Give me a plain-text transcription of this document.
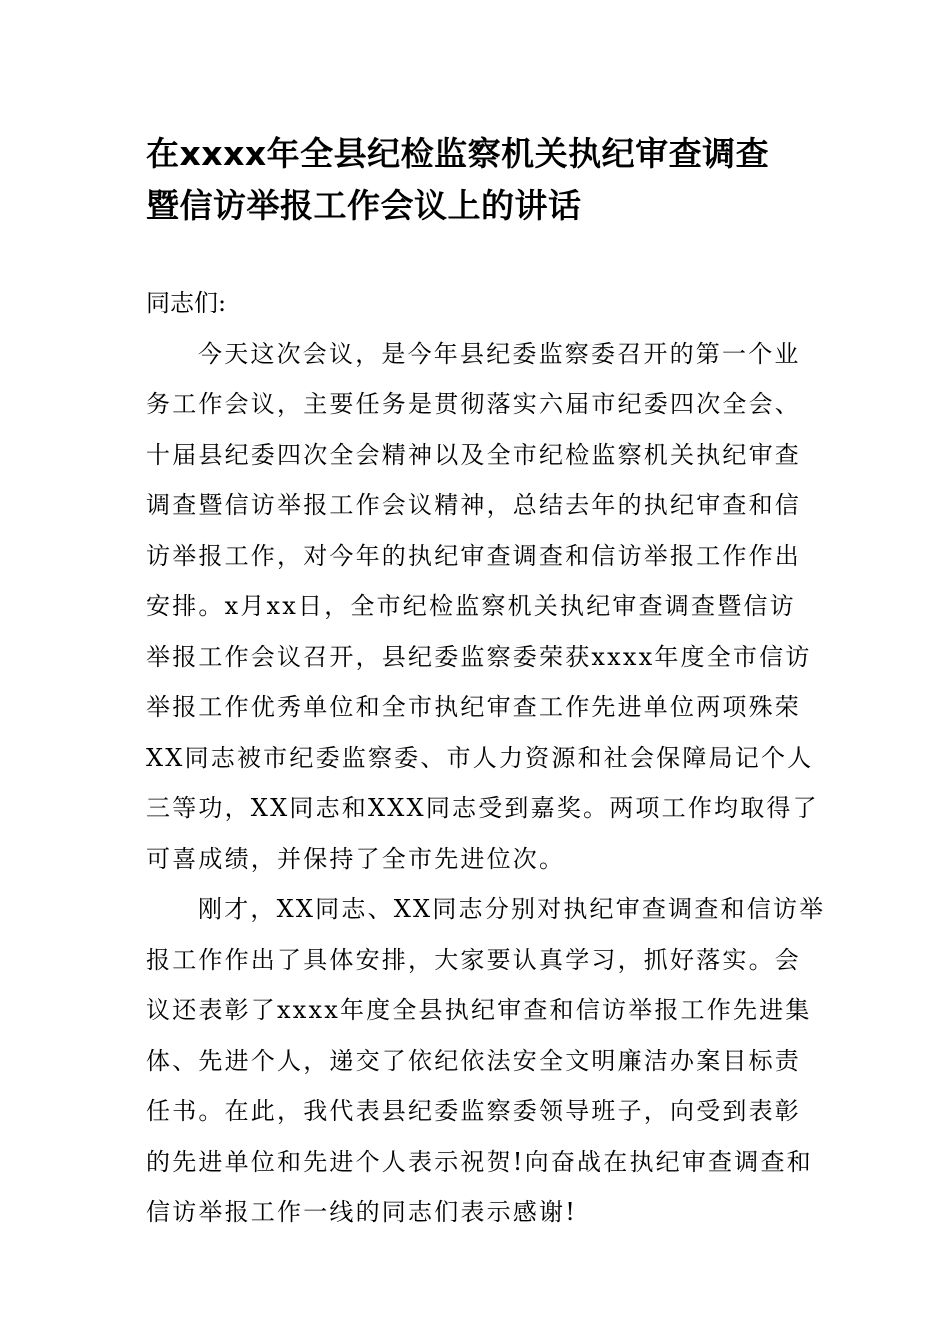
在xxxx年全县纪检监察机关执纪审查调查
暨信访举报工作会议上的讲话

同志们:

今天这次会议，是今年县纪委监察委召开的第一个业
务工作会议，主要任务是贯彻落实六届市纪委四次全会、
十届县纪委四次全会精神以及全市纪检监察机关执纪审查
调查暨信访举报工作会议精神，总结去年的执纪审查和信
访举报工作，对今年的执纪审查调查和信访举报工作作出
安排。x月xx日，全市纪检监察机关执纪审查调查暨信访
举报工作会议召开，县纪委监察委荣获xxxx年度全市信访
举报工作优秀单位和全市执纪审查工作先进单位两项殊荣
XX同志被市纪委监察委、市人力资源和社会保障局记个人
三等功，XX同志和XXX同志受到嘉奖。两项工作均取得了
可喜成绩，并保持了全市先进位次。

刚才，XX同志、XX同志分别对执纪审查调查和信访举
报工作作出了具体安排，大家要认真学习，抓好落实。会
议还表彰了xxxx年度全县执纪审查和信访举报工作先进集
体、先进个人，递交了依纪依法安全文明廉洁办案目标责
任书。在此，我代表县纪委监察委领导班子，向受到表彰
的先进单位和先进个人表示祝贺!向奋战在执纪审查调查和
信访举报工作一线的同志们表示感谢!
